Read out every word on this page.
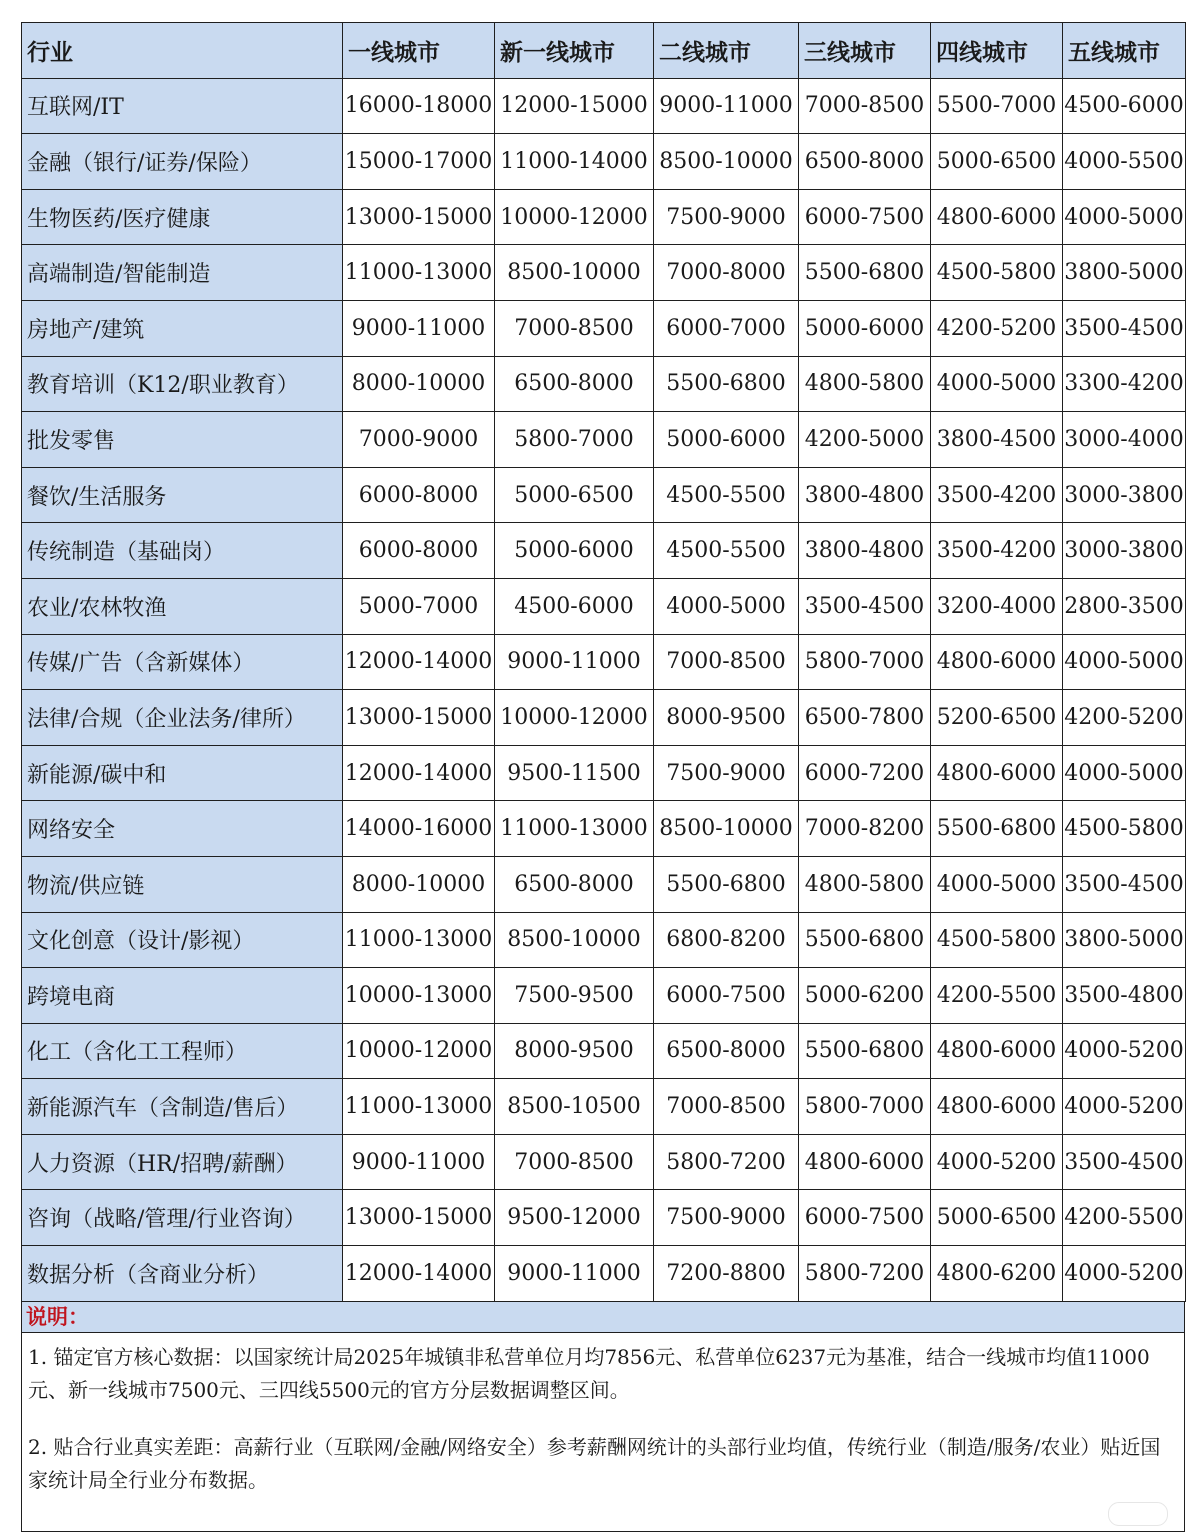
行业	一线城市	新一线城市	二线城市	三线城市	四线城市	五线城市
互联网/IT	16000-18000	12000-15000	9000-11000	7000-8500	5500-7000	4500-6000
金融（银行/证券/保险）	15000-17000	11000-14000	8500-10000	6500-8000	5000-6500	4000-5500
生物医药/医疗健康	13000-15000	10000-12000	7500-9000	6000-7500	4800-6000	4000-5000
高端制造/智能制造	11000-13000	8500-10000	7000-8000	5500-6800	4500-5800	3800-5000
房地产/建筑	9000-11000	7000-8500	6000-7000	5000-6000	4200-5200	3500-4500
教育培训（K12/职业教育）	8000-10000	6500-8000	5500-6800	4800-5800	4000-5000	3300-4200
批发零售	7000-9000	5800-7000	5000-6000	4200-5000	3800-4500	3000-4000
餐饮/生活服务	6000-8000	5000-6500	4500-5500	3800-4800	3500-4200	3000-3800
传统制造（基础岗）	6000-8000	5000-6000	4500-5500	3800-4800	3500-4200	3000-3800
农业/农林牧渔	5000-7000	4500-6000	4000-5000	3500-4500	3200-4000	2800-3500
传媒/广告（含新媒体）	12000-14000	9000-11000	7000-8500	5800-7000	4800-6000	4000-5000
法律/合规（企业法务/律所）	13000-15000	10000-12000	8000-9500	6500-7800	5200-6500	4200-5200
新能源/碳中和	12000-14000	9500-11500	7500-9000	6000-7200	4800-6000	4000-5000
网络安全	14000-16000	11000-13000	8500-10000	7000-8200	5500-6800	4500-5800
物流/供应链	8000-10000	6500-8000	5500-6800	4800-5800	4000-5000	3500-4500
文化创意（设计/影视）	11000-13000	8500-10000	6800-8200	5500-6800	4500-5800	3800-5000
跨境电商	10000-13000	7500-9500	6000-7500	5000-6200	4200-5500	3500-4800
化工（含化工工程师）	10000-12000	8000-9500	6500-8000	5500-6800	4800-6000	4000-5200
新能源汽车（含制造/售后）	11000-13000	8500-10500	7000-8500	5800-7000	4800-6000	4000-5200
人力资源（HR/招聘/薪酬）	9000-11000	7000-8500	5800-7200	4800-6000	4000-5200	3500-4500
咨询（战略/管理/行业咨询）	13000-15000	9500-12000	7500-9000	6000-7500	5000-6500	4200-5500
数据分析（含商业分析）	12000-14000	9000-11000	7200-8800	5800-7200	4800-6200	4000-5200
说明：

1. 锚定官方核心数据：以国家统计局2025年城镇非私营单位月均7856元、私营单位6237元为基准，结合一线城市均值11000元、新一线城市7500元、三四线5500元的官方分层数据调整区间。

2. 贴合行业真实差距：高薪行业（互联网/金融/网络安全）参考薪酬网统计的头部行业均值，传统行业（制造/服务/农业）贴近国家统计局全行业分布数据。
